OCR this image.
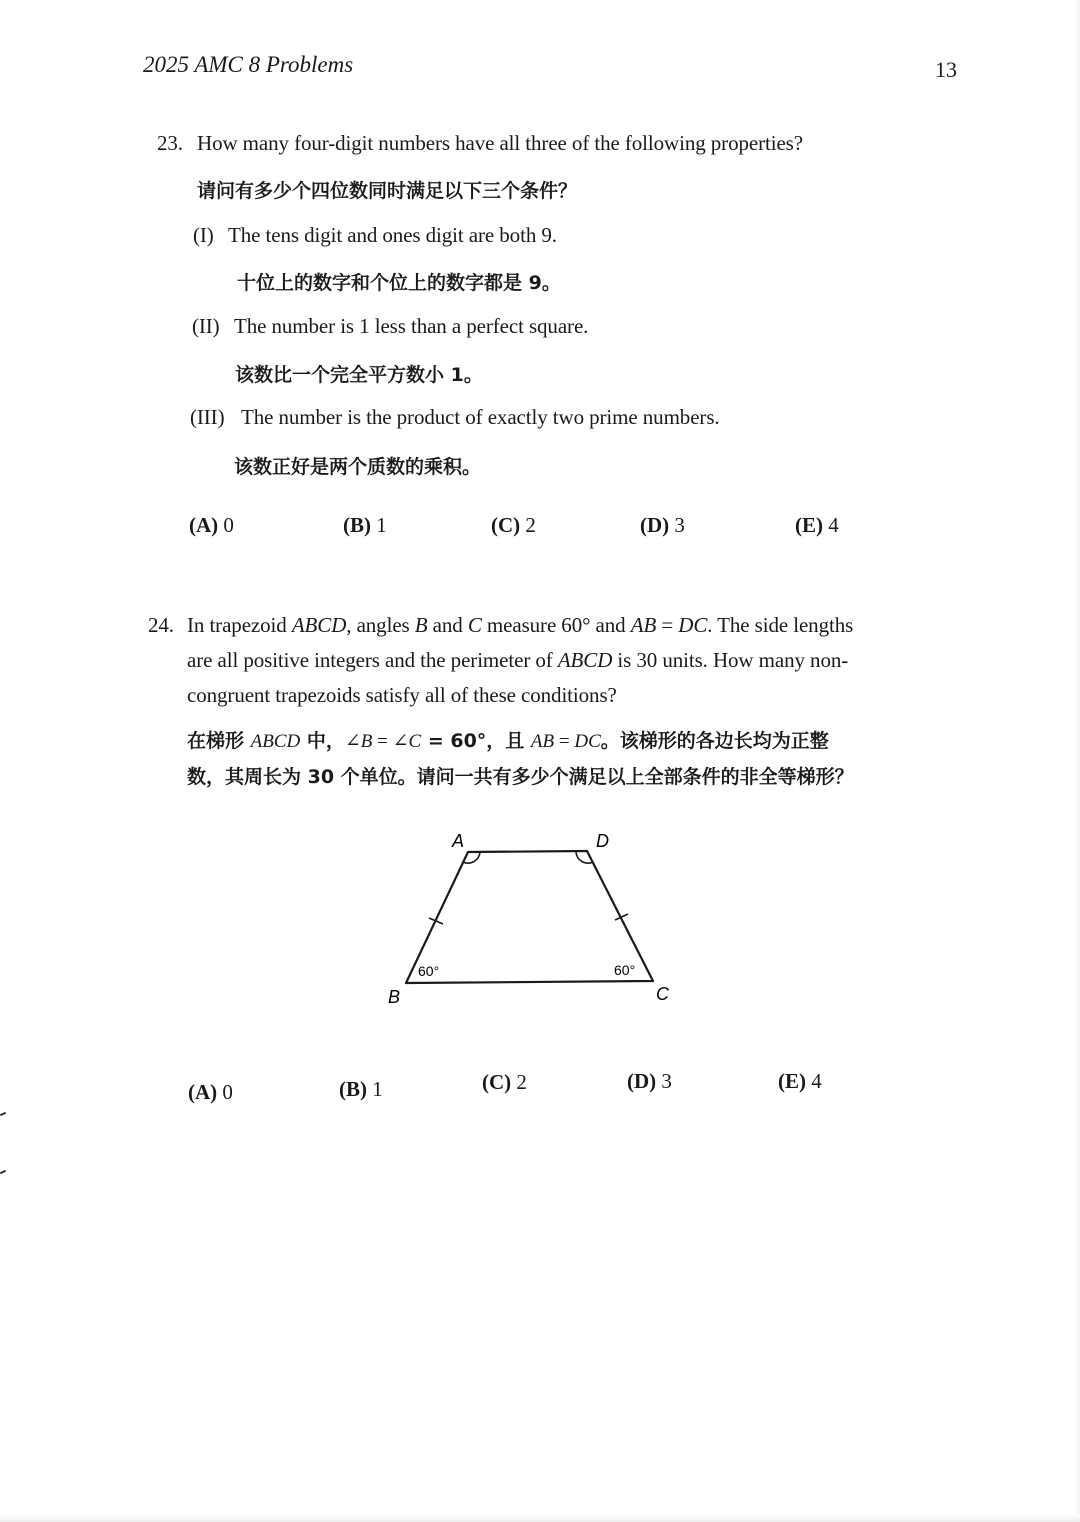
2025 AMC 8 Problems	13
23. How many four-digit numbers have all three of the following properties?
请问有多少个四位数同时满足以下三个条件？
(I) The tens digit and ones digit are both 9.
十位上的数字和个位上的数字都是 9。
(II) The number is 1 less than a perfect square.
该数比一个完全平方数小 1。
(III) The number is the product of exactly two prime numbers.
该数正好是两个质数的乘积。
(A) 0	(B) 1	(C) 2	(D) 3	(E) 4
24. In trapezoid ABCD, angles B and C measure 60° and AB = DC. The side lengths
are all positive integers and the perimeter of ABCD is 30 units. How many non-
congruent trapezoids satisfy all of these conditions?
在梯形 ABCD 中，∠B = ∠C = 60°，且 AB = DC。该梯形的各边长均为正整
数，其周长为 30 个单位。请问一共有多少个满足以上全部条件的非全等梯形？
A
B	C
D
60°	60°
(A) 0	(B) 1	(C) 2	(D) 3	(E) 4
